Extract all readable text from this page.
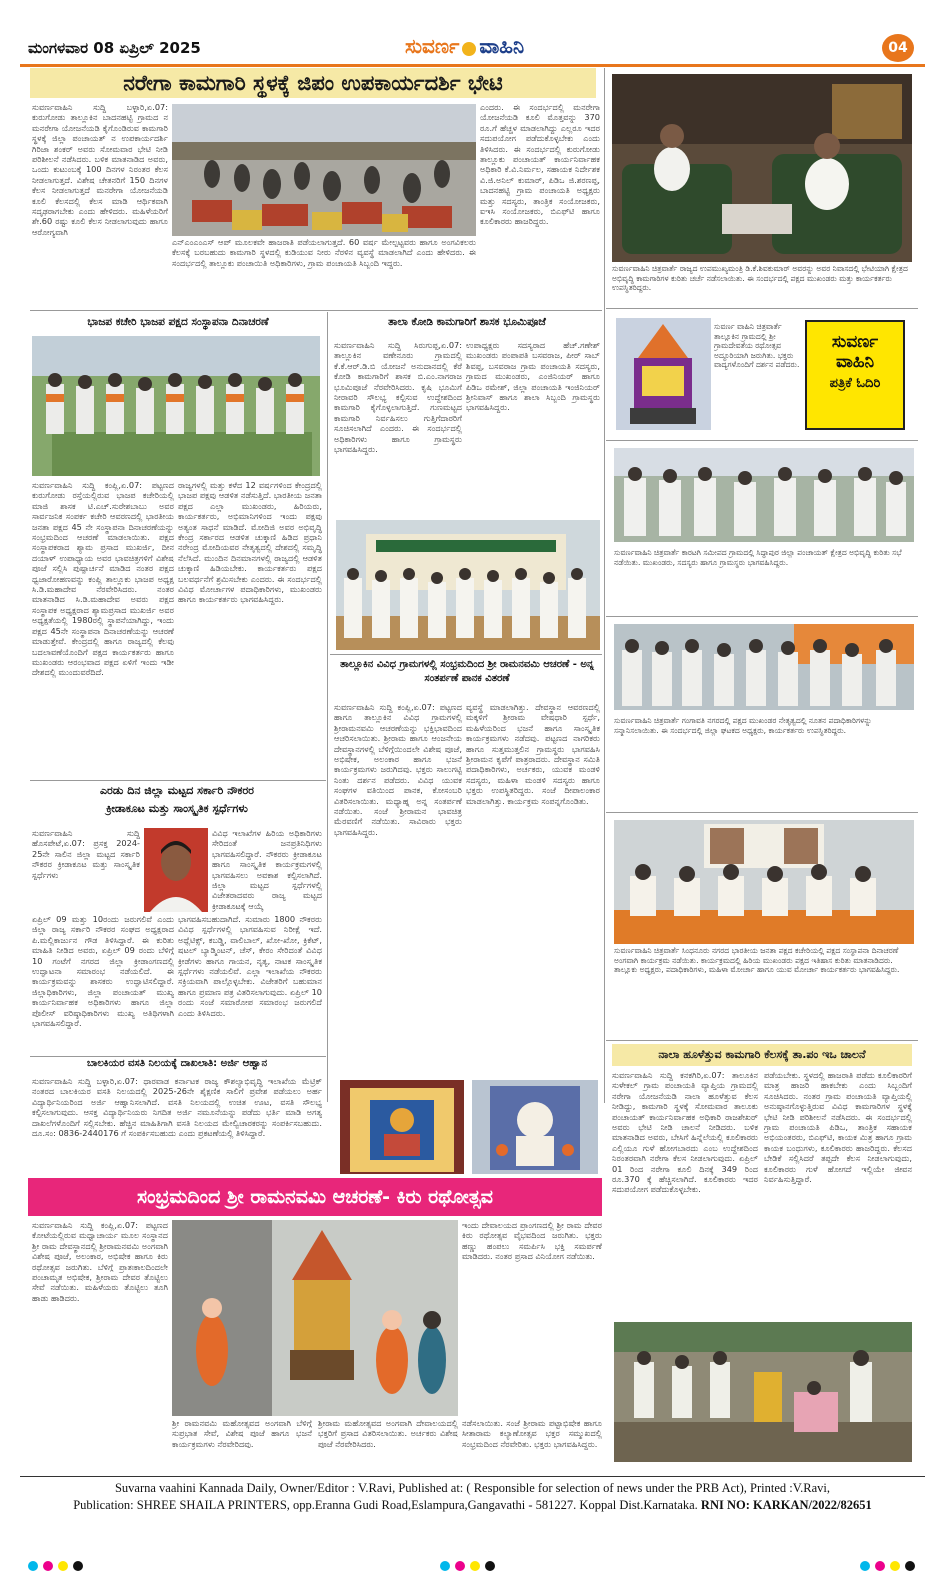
ಮಂಗಳವಾರ 08 ಏಪ್ರಿಲ್ 2025	ಸುವರ್ಣ ವಾಹಿನಿ	04
ನರೇಗಾ ಕಾಮಗಾರಿ ಸ್ಥಳಕ್ಕೆ ಜಿಪಂ ಉಪಕಾರ್ಯದರ್ಶಿ ಭೇಟಿ
ಸುವರ್ಣವಾಹಿನಿ ಸುದ್ದಿ ಬಳ್ಳಾರಿ,ಏ.07: ಕುರುಗೋಡು ತಾಲ್ಲೂಕಿನ ಬಾದನಹಟ್ಟಿ ಗ್ರಾಮದ ನ ಮನರೇಗಾ ಯೋಜನೆಯಡಿ ಕೈಗೊಂಡಿರುವ ಕಾಮಗಾರಿ ಸ್ಥಳಕ್ಕೆ ಜಿಲ್ಲಾ ಪಂಚಾಯತ್ ನ ಉಪಕಾರ್ಯದರ್ಶಿ ಗಿರಿಜಾ ಶಂಕರ್ ಅವರು ಸೋಮವಾರ ಭೇಟಿ ನೀಡಿ ಪರಿಶೀಲನೆ ನಡೆಸಿದರು. ಬಳಿಕ ಮಾತನಾಡಿದ ಅವರು, ಒಂದು ಕುಟುಂಬಕ್ಕೆ 100 ದಿನಗಳ ನಿರಂತರ ಕೆಲಸ ನೀಡಲಾಗುತ್ತದೆ. ವಿಶೇಷ ಚೇತನರಿಗೆ 150 ದಿನಗಳ ಕೆಲಸ ನೀಡಲಾಗುತ್ತದೆ ಮನರೇಗಾ ಯೋಜನೆಯಡಿ ಕೂಲಿ ಕೆಲಸದಲ್ಲಿ ಕೆಲಸ ಮಾಡಿ ಆರ್ಥಿಕವಾಗಿ ಸದೃಢರಾಗಬೇಕು ಎಂದು ಹೇಳಿದರು. ಮಹಿಳೆಯರಿಗೆ ಶೇ.60 ರಷ್ಟು ಕೂಲಿ ಕೆಲಸ ನೀಡಲಾಗುವುದು ಹಾಗೂ ಆರೋಗ್ಯವಾಗಿ
ಎನ್‍ಎಂಎಂಎಸ್ ಆಪ್ ಮೂಲಕವೇ ಹಾಜರಾತಿ ಪಡೆಯಲಾಗುತ್ತದೆ. 60 ವರ್ಷ ಮೇಲ್ಪಟ್ಟವರು ಹಾಗೂ ಅಂಗವಿಕಲರು ಕೆಲಸಕ್ಕೆ ಬರಬಹುದು ಕಾಮಗಾರಿ ಸ್ಥಳದಲ್ಲಿ ಕುಡಿಯುವ ನೀರು ನೆರಳಿನ ವ್ಯವಸ್ಥೆ ಮಾಡಲಾಗಿದೆ ಎಂದು ಹೇಳಿದರು. ಈ ಸಂದರ್ಭದಲ್ಲಿ ತಾಲ್ಲೂಕು ಪಂಚಾಯಿತಿ ಅಧಿಕಾರಿಗಳು, ಗ್ರಾಮ ಪಂಚಾಯತಿ ಸಿಬ್ಬಂದಿ ಇದ್ದರು.
ಎಂದರು. ಈ ಸಂದರ್ಭದಲ್ಲಿ ಮನರೇಗಾ ಯೋಜನೆಯಡಿ ಕೂಲಿ ಮೊತ್ತವನ್ನು 370 ರೂ.ಗೆ ಹೆಚ್ಚಳ ಮಾಡಲಾಗಿದ್ದು ಎಲ್ಲರೂ ಇದರ ಸದುಪಯೋಗ ಪಡೆದುಕೊಳ್ಳಬೇಕು ಎಂದು ತಿಳಿಸಿದರು. ಈ ಸಂದರ್ಭದಲ್ಲಿ ಕುರುಗೋಡು ತಾಲ್ಲೂಕು ಪಂಚಾಯತ್ ಕಾರ್ಯನಿರ್ವಾಹಕ ಅಧಿಕಾರಿ ಕೆ.ವಿ.ನಿರ್ಮಲ, ಸಹಾಯಕ ನಿರ್ದೇಶಕ ವಿ.ಜಿ.ಅನಿಲ್ ಕುಮಾರ್, ಪಿಡಿಒ ಜಿ.ಶರಣಪ್ಪ, ಬಾದನಹಟ್ಟಿ ಗ್ರಾಮ ಪಂಚಾಯತಿ ಅಧ್ಯಕ್ಷರು ಮತ್ತು ಸದಸ್ಯರು, ತಾಂತ್ರಿಕ ಸಂಯೋಜಕರು, ಐಇಸಿ ಸಂಯೋಜಕರು, ಬಿಎಫ್‍ಟಿ ಹಾಗೂ ಕೂಲಿಕಾರರು ಹಾಜರಿದ್ದರು.
ಸುವರ್ಣವಾಹಿನಿ ಚಿತ್ರವಾರ್ತೆ ರಾಜ್ಯದ ಉಪಮುಖ್ಯಮಂತ್ರಿ ಡಿ.ಕೆ.ಶಿವಕುಮಾರ್ ಅವರನ್ನು ಅವರ ನಿವಾಸದಲ್ಲಿ ಭೇಟಿಯಾಗಿ ಕ್ಷೇತ್ರದ ಅಭಿವೃದ್ಧಿ ಕಾಮಗಾರಿಗಳ ಕುರಿತು ಚರ್ಚೆ ನಡೆಸಲಾಯಿತು. ಈ ಸಂದರ್ಭದಲ್ಲಿ ಪಕ್ಷದ ಮುಖಂಡರು ಮತ್ತು ಕಾರ್ಯಕರ್ತರು ಉಪಸ್ಥಿತರಿದ್ದರು.
ಸುವರ್ಣ ವಾಹಿನಿ ಚಿತ್ರವಾರ್ತೆ ತಾಲ್ಲೂಕಿನ ಗ್ರಾಮದಲ್ಲಿ ಶ್ರೀ ಗ್ರಾಮದೇವತೆಯ ರಥೋತ್ಸವ ಅದ್ಧೂರಿಯಾಗಿ ಜರುಗಿತು. ಭಕ್ತರು ವಾದ್ಯಗಳೊಂದಿಗೆ ದರ್ಶನ ಪಡೆದರು.
ಸುವರ್ಣ
ವಾಹಿನಿ
ಪತ್ರಿಕೆ ಓದಿರಿ
ಸುವರ್ಣವಾಹಿನಿ ಚಿತ್ರವಾರ್ತೆ ಕಾರಟಗಿ ಸಮೀಪದ ಗ್ರಾಮದಲ್ಲಿ ಸಿದ್ಧಾಪುರ ಜಿಲ್ಲಾ ಪಂಚಾಯತ್ ಕ್ಷೇತ್ರದ ಅಭಿವೃದ್ಧಿ ಕುರಿತು ಸಭೆ ನಡೆಯಿತು. ಮುಖಂಡರು, ಸದಸ್ಯರು ಹಾಗೂ ಗ್ರಾಮಸ್ಥರು ಭಾಗವಹಿಸಿದ್ದರು.
ಸುವರ್ಣವಾಹಿನಿ ಚಿತ್ರವಾರ್ತೆ ಗಂಗಾವತಿ ನಗರದಲ್ಲಿ ಪಕ್ಷದ ಮುಖಂಡರ ನೇತೃತ್ವದಲ್ಲಿ ನೂತನ ಪದಾಧಿಕಾರಿಗಳನ್ನು ಸನ್ಮಾನಿಸಲಾಯಿತು. ಈ ಸಂದರ್ಭದಲ್ಲಿ ಜಿಲ್ಲಾ ಘಟಕದ ಅಧ್ಯಕ್ಷರು, ಕಾರ್ಯಕರ್ತರು ಉಪಸ್ಥಿತರಿದ್ದರು.
ಸುವರ್ಣವಾಹಿನಿ ಚಿತ್ರವಾರ್ತೆ ಸಿಂಧನೂರು ನಗರದ ಭಾರತೀಯ ಜನತಾ ಪಕ್ಷದ ಕಚೇರಿಯಲ್ಲಿ ಪಕ್ಷದ ಸಂಸ್ಥಾಪನಾ ದಿನಾಚರಣೆ ಅಂಗವಾಗಿ ಕಾರ್ಯಕ್ರಮ ನಡೆಯಿತು. ಕಾರ್ಯಕ್ರಮದಲ್ಲಿ ಹಿರಿಯ ಮುಖಂಡರು ಪಕ್ಷದ ಇತಿಹಾಸ ಕುರಿತು ಮಾತನಾಡಿದರು. ತಾಲ್ಲೂಕು ಅಧ್ಯಕ್ಷರು, ಪದಾಧಿಕಾರಿಗಳು, ಮಹಿಳಾ ಮೋರ್ಚಾ ಹಾಗೂ ಯುವ ಮೋರ್ಚಾ ಕಾರ್ಯಕರ್ತರು ಭಾಗವಹಿಸಿದ್ದರು.
ಭಾಜಪ ಕಚೇರಿ ಭಾಜಪ ಪಕ್ಷದ ಸಂಸ್ಥಾಪನಾ ದಿನಾಚರಣೆ
ಸುವರ್ಣವಾಹಿನಿ ಸುದ್ದಿ ಕಂಪ್ಲಿ,ಏ.07: ಪಟ್ಟಣದ ಕುರುಗೋಡು ರಸ್ತೆಯಲ್ಲಿರುವ ಭಾಜಪ ಕಚೇರಿಯಲ್ಲಿ ಮಾಜಿ ಶಾಸಕ ಟಿ.ಎಚ್.ಸುರೇಶಬಾಬು ಅವರ ಸಾರ್ವಜನಿಕ ಸಂಪರ್ಕ ಕಚೇರಿ ಆವರಣದಲ್ಲಿ ಭಾರತೀಯ ಜನತಾ ಪಕ್ಷದ 45 ನೇ ಸಂಸ್ಥಾಪನಾ ದಿನಾಚರಣೆಯನ್ನು ಸಂಭ್ರಮದಿಂದ ಆಚರಣೆ ಮಾಡಲಾಯಿತು. ಪಕ್ಷದ ಸಂಸ್ಥಾಪಕರಾದ ಶ್ಯಾಮ ಪ್ರಸಾದ ಮುಖರ್ಜಿ, ದೀನ ದಯಾಳ್ ಉಪಾಧ್ಯಾಯ ಅವರ ಭಾವಚಿತ್ರಗಳಿಗೆ ವಿಶೇಷ ಪೂಜೆ ಸಲ್ಲಿಸಿ ಪುಷ್ಪಾರ್ಚನೆ ಮಾಡಿದ ನಂತರ ಪಕ್ಷದ ಧ್ವಜಾರೋಹಣವನ್ನು ಕಂಪ್ಲಿ ತಾಲ್ಲೂಕು ಭಾಜಪ ಅಧ್ಯಕ್ಷ ಸಿ.ಡಿ.ಮಹಾದೇವ ನೆರವೇರಿಸಿದರು. ನಂತರ ಮಾತನಾಡಿದ ಸಿ.ಡಿ.ಮಹಾದೇವ ಅವರು ಪಕ್ಷದ ಸಂಸ್ಥಾಪಕ ಅಧ್ಯಕ್ಷರಾದ ಶ್ಯಾಮಪ್ರಸಾದ ಮುಖರ್ಜಿ ಅವರ ಅಧ್ಯಕ್ಷತೆಯಲ್ಲಿ 1980ರಲ್ಲಿ ಸ್ಥಾಪನೆಯಾಗಿದ್ದು, ಇಂದು ಪಕ್ಷದ 45ನೇ ಸಂಸ್ಥಾಪನಾ ದಿನಾಚರಣೆಯನ್ನು ಆಚರಣೆ ಮಾಡುತ್ತೇವೆ. ಕೇಂದ್ರದಲ್ಲಿ ಹಾಗೂ ರಾಜ್ಯದಲ್ಲಿ ಕೆಲವು ಬದಲಾವಣೆಯೊಂದಿಗೆ ಪಕ್ಷದ ಕಾರ್ಯಕರ್ತರು ಹಾಗೂ ಮುಖಂಡರು ಆರಂಭವಾದ ಪಕ್ಷದ ಏಳಿಗೆ ಇಂದು ಇಡೀ ದೇಶದಲ್ಲಿ ಮುಂದುವರೆದಿದೆ.
ರಾಜ್ಯಗಳಲ್ಲಿ ಮತ್ತು ಕಳೆದ 12 ವರ್ಷಗಳಿಂದ ಕೇಂದ್ರದಲ್ಲಿ ಭಾಜಪ ಪಕ್ಷವು ಆಡಳಿತ ನಡೆಸುತ್ತಿದೆ. ಭಾರತೀಯ ಜನತಾ ಪಕ್ಷದ ಎಲ್ಲಾ ಮುಖಂಡರು, ಹಿರಿಯರು, ಕಾರ್ಯಕರ್ತರು, ಅಭಿಮಾನಿಗಳಿಂದ ಇಂದು ಪಕ್ಷವು ಅತ್ಯಂತ ಸಾಧನೆ ಮಾಡಿದೆ. ಮೋದಿಜಿ ಅವರ ಅಭಿವೃದ್ಧಿ ಕೇಂದ್ರ ಸರ್ಕಾರದ ಆಡಳಿತ ಚುಕ್ಕಾಣಿ ಹಿಡಿದ ಪ್ರಧಾನಿ ನರೇಂದ್ರ ಮೋದಿಯವರ ನೇತೃತ್ವದಲ್ಲಿ ದೇಶದಲ್ಲಿ ಸಮೃದ್ಧಿ ನೆಲೆಸಿದೆ. ಮುಂದಿನ ದಿನಮಾನಗಳಲ್ಲಿ ರಾಜ್ಯದಲ್ಲಿ ಆಡಳಿತ ಚುಕ್ಕಾಣಿ ಹಿಡಿಯಬೇಕು. ಕಾರ್ಯಕರ್ತರು ಪಕ್ಷದ ಬಲವರ್ಧನೆಗೆ ಶ್ರಮಿಸಬೇಕು ಎಂದರು. ಈ ಸಂದರ್ಭದಲ್ಲಿ ವಿವಿಧ ಮೋರ್ಚಾಗಳ ಪದಾಧಿಕಾರಿಗಳು, ಮುಖಂಡರು ಹಾಗೂ ಕಾರ್ಯಕರ್ತರು ಭಾಗವಹಿಸಿದ್ದರು.
ತಾಲಾ ಕೋಡಿ ಕಾಮಗಾರಿಗೆ ಶಾಸಕ ಭೂಮಿಪೂಜೆ
ಸುವರ್ಣವಾಹಿನಿ ಸುದ್ದಿ ಸಿರುಗುಪ್ಪ,ಏ.07: ತಾಲ್ಲೂಕಿನ ವಣೇನೂರು ಗ್ರಾಮದಲ್ಲಿ ಕೆ.ಕೆ.ಆರ್.ಡಿ.ಬಿ ಯೋಜನೆ ಅನುದಾನದಲ್ಲಿ ಕೆರೆ ಕೋಡಿ ಕಾಮಗಾರಿಗೆ ಶಾಸಕ ಬಿ.ಎಂ.ನಾಗರಾಜ ಭೂಮಿಪೂಜೆ ನೆರವೇರಿಸಿದರು. ಕೃಷಿ ಭೂಮಿಗೆ ನೀರಾವರಿ ಸೌಲಭ್ಯ ಕಲ್ಪಿಸುವ ಉದ್ದೇಶದಿಂದ ಕಾಮಗಾರಿ ಕೈಗೊಳ್ಳಲಾಗುತ್ತಿದೆ. ಗುಣಮಟ್ಟದ ಕಾಮಗಾರಿ ನಿರ್ವಹಿಸಲು ಗುತ್ತಿಗೆದಾರರಿಗೆ ಸೂಚಿಸಲಾಗಿದೆ ಎಂದರು. ಈ ಸಂದರ್ಭದಲ್ಲಿ ಅಧಿಕಾರಿಗಳು ಹಾಗೂ ಗ್ರಾಮಸ್ಥರು ಭಾಗವಹಿಸಿದ್ದರು.
ಉಪಾಧ್ಯಕ್ಷರು ಸದಸ್ಯರಾದ ಹೆಚ್.ಗಣೇಶ್ ಮುಖಂಡರು ಪಂಪಾಪತಿ ಬಸವರಾಜ, ಪೀರ್ ಸಾಬ್ ಶಿವಪ್ಪ, ಬಸವರಾಜ ಗ್ರಾಮ ಪಂಚಾಯತಿ ಸದಸ್ಯರು, ಗ್ರಾಮದ ಮುಖಂಡರು, ಎಂಜಿನಿಯರ್ ಹಾಗೂ ಪಿಡಿಒ ರಮೇಶ್, ಜಿಲ್ಲಾ ಪಂಚಾಯತಿ ಇಂಜಿನಿಯರ್ ಶ್ರೀನಿವಾಸ್ ಹಾಗೂ ಶಾಲಾ ಸಿಬ್ಬಂದಿ ಗ್ರಾಮಸ್ಥರು ಭಾಗವಹಿಸಿದ್ದರು.
ತಾಲ್ಲೂಕಿನ ವಿವಿಧ ಗ್ರಾಮಗಳಲ್ಲಿ ಸಂಭ್ರಮದಿಂದ ಶ್ರೀ ರಾಮನವಮಿ ಆಚರಣೆ - ಅನ್ನ ಸಂತರ್ಪಣೆ ಪಾನಕ ವಿತರಣೆ
ಸುವರ್ಣವಾಹಿನಿ ಸುದ್ದಿ ಕಂಪ್ಲಿ,ಏ.07: ಪಟ್ಟಣದ ಹಾಗೂ ತಾಲ್ಲೂಕಿನ ವಿವಿಧ ಗ್ರಾಮಗಳಲ್ಲಿ ಶ್ರೀರಾಮನವಮಿ ಆಚರಣೆಯನ್ನು ಭಕ್ತಿಭಾವದಿಂದ ಆಚರಿಸಲಾಯಿತು. ಶ್ರೀರಾಮ ಹಾಗೂ ಆಂಜನೇಯ ದೇವಸ್ಥಾನಗಳಲ್ಲಿ ಬೆಳಿಗ್ಗೆಯಿಂದಲೇ ವಿಶೇಷ ಪೂಜೆ, ಅಭಿಷೇಕ, ಅಲಂಕಾರ ಹಾಗೂ ಭಜನೆ ಕಾರ್ಯಕ್ರಮಗಳು ಜರುಗಿದವು. ಭಕ್ತರು ಸಾಲುಗಟ್ಟಿ ನಿಂತು ದರ್ಶನ ಪಡೆದರು. ವಿವಿಧ ಯುವಕ ಸಂಘಗಳ ವತಿಯಿಂದ ಪಾನಕ, ಕೋಸಂಬರಿ ವಿತರಿಸಲಾಯಿತು. ಮಧ್ಯಾಹ್ನ ಅನ್ನ ಸಂತರ್ಪಣೆ ನಡೆಯಿತು. ಸಂಜೆ ಶ್ರೀರಾಮನ ಭಾವಚಿತ್ರ ಮೆರವಣಿಗೆ ನಡೆಯಿತು. ಸಾವಿರಾರು ಭಕ್ತರು ಭಾಗವಹಿಸಿದ್ದರು.
ವ್ಯವಸ್ಥೆ ಮಾಡಲಾಗಿತ್ತು. ದೇವಸ್ಥಾನ ಆವರಣದಲ್ಲಿ ಮಕ್ಕಳಿಗೆ ಶ್ರೀರಾಮ ವೇಷಧಾರಿ ಸ್ಪರ್ಧೆ, ಮಹಿಳೆಯರಿಂದ ಭಜನೆ ಹಾಗೂ ಸಾಂಸ್ಕೃತಿಕ ಕಾರ್ಯಕ್ರಮಗಳು ನಡೆದವು. ಪಟ್ಟಣದ ನಾಗರಿಕರು ಹಾಗೂ ಸುತ್ತಮುತ್ತಲಿನ ಗ್ರಾಮಸ್ಥರು ಭಾಗವಹಿಸಿ ಶ್ರೀರಾಮನ ಕೃಪೆಗೆ ಪಾತ್ರರಾದರು. ದೇವಸ್ಥಾನ ಸಮಿತಿ ಪದಾಧಿಕಾರಿಗಳು, ಅರ್ಚಕರು, ಯುವಕ ಮಂಡಳಿ ಸದಸ್ಯರು, ಮಹಿಳಾ ಮಂಡಳಿ ಸದಸ್ಯರು ಹಾಗೂ ಭಕ್ತರು ಉಪಸ್ಥಿತರಿದ್ದರು. ಸಂಜೆ ದೀಪಾಲಂಕಾರ ಮಾಡಲಾಗಿತ್ತು. ಕಾರ್ಯಕ್ರಮ ಸಂಪನ್ನಗೊಂಡಿತು.
ಎರಡು ದಿನ ಜಿಲ್ಲಾ ಮಟ್ಟದ ಸರ್ಕಾರಿ ನೌಕರರ
ಕ್ರೀಡಾಕೂಟ ಮತ್ತು ಸಾಂಸ್ಕೃತಿಕ ಸ್ಪರ್ಧೆಗಳು
ಸುವರ್ಣವಾಹಿನಿ ಸುದ್ದಿ ಹೊಸಪೇಟೆ,ಏ.07: ಪ್ರಸಕ್ತ 2024-25ನೇ ಸಾಲಿನ ಜಿಲ್ಲಾ ಮಟ್ಟದ ಸರ್ಕಾರಿ ನೌಕರರ ಕ್ರೀಡಾಕೂಟ ಮತ್ತು ಸಾಂಸ್ಕೃತಿಕ ಸ್ಪರ್ಧೆಗಳು
ವಿವಿಧ ಇಲಾಖೆಗಳ ಹಿರಿಯ ಅಧಿಕಾರಿಗಳು ಸೇರಿದಂತೆ ಜನಪ್ರತಿನಿಧಿಗಳು ಭಾಗವಹಿಸಲಿದ್ದಾರೆ. ನೌಕರರು ಕ್ರೀಡಾಕೂಟ ಹಾಗೂ ಸಾಂಸ್ಕೃತಿಕ ಕಾರ್ಯಕ್ರಮಗಳಲ್ಲಿ ಭಾಗವಹಿಸಲು ಅವಕಾಶ ಕಲ್ಪಿಸಲಾಗಿದೆ. ಜಿಲ್ಲಾ ಮಟ್ಟದ ಸ್ಪರ್ಧೆಗಳಲ್ಲಿ ವಿಜೇತರಾದವರು ರಾಜ್ಯ ಮಟ್ಟದ ಕ್ರೀಡಾಕೂಟಕ್ಕೆ ಆಯ್ಕೆ
ಏಪ್ರಿಲ್ 09 ಮತ್ತು 10ರಂದು ಜರುಗಲಿವೆ ಎಂದು ಜಿಲ್ಲಾ ರಾಜ್ಯ ಸರ್ಕಾರಿ ನೌಕರರ ಸಂಘದ ಅಧ್ಯಕ್ಷರಾದ ಪಿ.ಮಲ್ಲಿಕಾರ್ಜುನ ಗೌಡ ತಿಳಿಸಿದ್ದಾರೆ. ಈ ಕುರಿತು ಮಾಹಿತಿ ನೀಡಿದ ಅವರು, ಏಪ್ರಿಲ್ 09 ರಂದು ಬೆಳಿಗ್ಗೆ 10 ಗಂಟೆಗೆ ನಗರದ ಜಿಲ್ಲಾ ಕ್ರೀಡಾಂಗಣದಲ್ಲಿ ಉದ್ಘಾಟನಾ ಸಮಾರಂಭ ನಡೆಯಲಿದೆ. ಈ ಕಾರ್ಯಕ್ರಮವನ್ನು ಶಾಸಕರು ಉದ್ಘಾಟಿಸಲಿದ್ದಾರೆ. ಜಿಲ್ಲಾಧಿಕಾರಿಗಳು, ಜಿಲ್ಲಾ ಪಂಚಾಯತ್ ಮುಖ್ಯ ಕಾರ್ಯನಿರ್ವಾಹಕ ಅಧಿಕಾರಿಗಳು ಹಾಗೂ ಜಿಲ್ಲಾ ಪೊಲೀಸ್ ವರಿಷ್ಠಾಧಿಕಾರಿಗಳು ಮುಖ್ಯ ಅತಿಥಿಗಳಾಗಿ ಭಾಗವಹಿಸಲಿದ್ದಾರೆ.
ಭಾಗವಹಿಸಬಹುದಾಗಿದೆ. ಸುಮಾರು 1800 ನೌಕರರು ವಿವಿಧ ಸ್ಪರ್ಧೆಗಳಲ್ಲಿ ಭಾಗವಹಿಸುವ ನಿರೀಕ್ಷೆ ಇದೆ. ಅಥ್ಲೆಟಿಕ್ಸ್, ಕಬಡ್ಡಿ, ವಾಲಿಬಾಲ್, ಖೋ-ಖೋ, ಕ್ರಿಕೆಟ್, ಷಟಲ್ ಬ್ಯಾಡ್ಮಿಂಟನ್, ಚೆಸ್, ಕೇರಂ ಸೇರಿದಂತೆ ವಿವಿಧ ಕ್ರೀಡೆಗಳು ಹಾಗೂ ಗಾಯನ, ನೃತ್ಯ, ನಾಟಕ ಸಾಂಸ್ಕೃತಿಕ ಸ್ಪರ್ಧೆಗಳು ನಡೆಯಲಿವೆ. ಎಲ್ಲಾ ಇಲಾಖೆಯ ನೌಕರರು ಸಕ್ರಿಯವಾಗಿ ಪಾಲ್ಗೊಳ್ಳಬೇಕು. ವಿಜೇತರಿಗೆ ಬಹುಮಾನ ಹಾಗೂ ಪ್ರಮಾಣ ಪತ್ರ ವಿತರಿಸಲಾಗುವುದು. ಏಪ್ರಿಲ್ 10 ರಂದು ಸಂಜೆ ಸಮಾರೋಪ ಸಮಾರಂಭ ಜರುಗಲಿದೆ ಎಂದು ತಿಳಿಸಿದರು.
ಬಾಲಕಿಯರ ವಸತಿ ನಿಲಯಕ್ಕೆ ದಾಖಲಾತಿ: ಅರ್ಜಿ ಆಹ್ವಾನ
ಸುವರ್ಣವಾಹಿನಿ ಸುದ್ದಿ ಬಳ್ಳಾರಿ,ಏ.07: ಧಾರವಾಡ ಕರ್ನಾಟಕ ರಾಜ್ಯ ಕೌಶಲ್ಯಾಭಿವೃದ್ಧಿ ಇಲಾಖೆಯ ಮೆಟ್ರಿಕ್ ನಂತರದ ಬಾಲಕಿಯರ ವಸತಿ ನಿಲಯದಲ್ಲಿ 2025-26ನೇ ಶೈಕ್ಷಣಿಕ ಸಾಲಿಗೆ ಪ್ರವೇಶ ಪಡೆಯಲು ಅರ್ಹ ವಿದ್ಯಾರ್ಥಿನಿಯರಿಂದ ಅರ್ಜಿ ಆಹ್ವಾನಿಸಲಾಗಿದೆ. ವಸತಿ ನಿಲಯದಲ್ಲಿ ಉಚಿತ ಊಟ, ವಸತಿ ಸೌಲಭ್ಯ ಕಲ್ಪಿಸಲಾಗುವುದು. ಆಸಕ್ತ ವಿದ್ಯಾರ್ಥಿನಿಯರು ನಿಗದಿತ ಅರ್ಜಿ ನಮೂನೆಯನ್ನು ಪಡೆದು ಭರ್ತಿ ಮಾಡಿ ಅಗತ್ಯ ದಾಖಲೆಗಳೊಂದಿಗೆ ಸಲ್ಲಿಸಬೇಕು. ಹೆಚ್ಚಿನ ಮಾಹಿತಿಗಾಗಿ ವಸತಿ ನಿಲಯದ ಮೇಲ್ವಿಚಾರಕರನ್ನು ಸಂಪರ್ಕಿಸಬಹುದು. ದೂ.ಸಂ: 0836-2440176 ಗೆ ಸಂಪರ್ಕಿಸಬಹುದು ಎಂದು ಪ್ರಕಟಣೆಯಲ್ಲಿ ತಿಳಿಸಿದ್ದಾರೆ.
ನಾಲಾ ಹೂಳೆತ್ತುವ ಕಾಮಗಾರಿ ಕೆಲಸಕ್ಕೆ ತಾ.ಪಂ ಇಒ ಚಾಲನೆ
ಸುವರ್ಣವಾಹಿನಿ ಸುದ್ದಿ ಕನಕಗಿರಿ,ಏ.07: ತಾಲೂಕಿನ ಸುಳೇಕಲ್ ಗ್ರಾಮ ಪಂಚಾಯತಿ ವ್ಯಾಪ್ತಿಯ ಗ್ರಾಮದಲ್ಲಿ ನರೇಗಾ ಯೋಜನೆಯಡಿ ನಾಲಾ ಹೂಳೆತ್ತುವ ಕೆಲಸ ನೀಡಿದ್ದು, ಕಾಮಗಾರಿ ಸ್ಥಳಕ್ಕೆ ಸೋಮವಾರ ತಾಲೂಕು ಪಂಚಾಯತ್ ಕಾರ್ಯನಿರ್ವಾಹಕ ಅಧಿಕಾರಿ ರಾಜಶೇಖರ್ ಅವರು ಭೇಟಿ ನೀಡಿ ಚಾಲನೆ ನೀಡಿದರು. ಬಳಿಕ ಮಾತನಾಡಿದ ಅವರು, ಬೇಸಿಗೆ ಹಿನ್ನೆಲೆಯಲ್ಲಿ ಕೂಲಿಕಾರರು ಎಲ್ಲಿಯೂ ಗುಳೆ ಹೋಗಬಾರದು ಎಂಬ ಉದ್ದೇಶದಿಂದ ನಿರಂತರವಾಗಿ ನರೇಗಾ ಕೆಲಸ ನೀಡಲಾಗುವುದು. ಏಪ್ರಿಲ್ 01 ರಿಂದ ನರೇಗಾ ಕೂಲಿ ದಿನಕ್ಕೆ 349 ರಿಂದ ರೂ.370 ಕ್ಕೆ ಹೆಚ್ಚಿಸಲಾಗಿದೆ. ಕೂಲಿಕಾರರು ಇದರ ಸದುಪಯೋಗ ಪಡೆದುಕೊಳ್ಳಬೇಕು.
ಪಡೆಯಬೇಕು. ಸ್ಥಳದಲ್ಲಿ ಹಾಜರಾತಿ ಪಡೆದು ಕೂಲಿಕಾರರಿಗೆ ಮಾತ್ರ ಹಾಜರಿ ಹಾಕಬೇಕು ಎಂದು ಸಿಬ್ಬಂದಿಗೆ ಸೂಚಿಸಿದರು. ನಂತರ ಗ್ರಾಮ ಪಂಚಾಯತಿ ವ್ಯಾಪ್ತಿಯಲ್ಲಿ ಅನುಷ್ಠಾನಗೊಳ್ಳುತ್ತಿರುವ ವಿವಿಧ ಕಾಮಗಾರಿಗಳ ಸ್ಥಳಕ್ಕೆ ಭೇಟಿ ನೀಡಿ ಪರಿಶೀಲನೆ ನಡೆಸಿದರು. ಈ ಸಂದರ್ಭದಲ್ಲಿ ಗ್ರಾಮ ಪಂಚಾಯತಿ ಪಿಡಿಒ, ತಾಂತ್ರಿಕ ಸಹಾಯಕ ಅಭಿಯಂತರರು, ಬಿಎಫ್‍ಟಿ, ಕಾಯಕ ಮಿತ್ರ ಹಾಗೂ ಗ್ರಾಮ ಕಾಯಕ ಬಂಧುಗಳು, ಕೂಲಿಕಾರರು ಹಾಜರಿದ್ದರು. ಕೆಲಸದ ಬೇಡಿಕೆ ಸಲ್ಲಿಸಿದರೆ ತಪ್ಪದೇ ಕೆಲಸ ನೀಡಲಾಗುವುದು, ಕೂಲಿಕಾರರು ಗುಳೆ ಹೋಗದೆ ಇಲ್ಲಿಯೇ ಜೀವನ ನಿರ್ವಹಿಸುತ್ತಿದ್ದಾರೆ.
ಸಂಭ್ರಮದಿಂದ ಶ್ರೀ ರಾಮನವಮಿ ಆಚರಣೆ- ಕಿರು ರಥೋತ್ಸವ
ಸುವರ್ಣವಾಹಿನಿ ಸುದ್ದಿ ಕಂಪ್ಲಿ,ಏ.07: ಪಟ್ಟಣದ ಕೋಟೆಯಲ್ಲಿರುವ ಮಧ್ವಾಚಾರ್ಯ ಮೂಲ ಸಂಸ್ಥಾನದ ಶ್ರೀ ರಾಮ ದೇವಸ್ಥಾನದಲ್ಲಿ ಶ್ರೀರಾಮನವಮಿ ಅಂಗವಾಗಿ ವಿಶೇಷ ಪೂಜೆ, ಅಲಂಕಾರ, ಅಭಿಷೇಕ ಹಾಗೂ ಕಿರು ರಥೋತ್ಸವ ಜರುಗಿತು. ಬೆಳಿಗ್ಗೆ ಪ್ರಾತಃಕಾಲದಿಂದಲೇ ಪಂಚಾಮೃತ ಅಭಿಷೇಕ, ಶ್ರೀರಾಮ ದೇವರ ತೊಟ್ಟಿಲು ಸೇವೆ ನಡೆಯಿತು. ಮಹಿಳೆಯರು ತೊಟ್ಟಿಲು ತೂಗಿ ಹಾಡು ಹಾಡಿದರು.
ಶ್ರೀ ರಾಮನವಮಿ ಮಹೋತ್ಸವದ ಅಂಗವಾಗಿ ಬೆಳಿಗ್ಗೆ ಸುಪ್ರಭಾತ ಸೇವೆ, ವಿಶೇಷ ಪೂಜೆ ಹಾಗೂ ಭಜನೆ ಕಾರ್ಯಕ್ರಮಗಳು ನೆರವೇರಿದವು.
ಶ್ರೀರಾಮ ಮಹೋತ್ಸವದ ಅಂಗವಾಗಿ ದೇವಾಲಯದಲ್ಲಿ ಭಕ್ತರಿಗೆ ಪ್ರಸಾದ ವಿತರಿಸಲಾಯಿತು. ಅರ್ಚಕರು ವಿಶೇಷ ಪೂಜೆ ನೆರವೇರಿಸಿದರು.
ಇಂದು ದೇವಾಲಯದ ಪ್ರಾಂಗಣದಲ್ಲಿ ಶ್ರೀ ರಾಮ ದೇವರ ಕಿರು ರಥೋತ್ಸವ ವೈಭವದಿಂದ ಜರುಗಿತು. ಭಕ್ತರು ಹಣ್ಣು ಹಂಪಲು ಸಮರ್ಪಿಸಿ ಭಕ್ತಿ ಸಮರ್ಪಣೆ ಮಾಡಿದರು. ನಂತರ ಪ್ರಸಾದ ವಿನಿಯೋಗ ನಡೆಯಿತು.
ನಡೆಸಲಾಯಿತು. ಸಂಜೆ ಶ್ರೀರಾಮ ಪಟ್ಟಾಭಿಷೇಕ ಹಾಗೂ ಸೀತಾರಾಮ ಕಲ್ಯಾಣೋತ್ಸವ ಭಕ್ತರ ಸಮ್ಮುಖದಲ್ಲಿ ಸಂಭ್ರಮದಿಂದ ನೆರವೇರಿತು. ಭಕ್ತರು ಭಾಗವಹಿಸಿದ್ದರು.
Suvarna vaahini Kannada Daily, Owner/Editor : V.Ravi, Published at: ( Responsible for selection of news under the PRB Act), Printed :V.Ravi,
Publication: SHREE SHAILA PRINTERS, opp.Eranna Gudi Road,Eslampura,Gangavathi - 581227. Koppal Dist.Karnataka. RNI NO: KARKAN/2022/82651
